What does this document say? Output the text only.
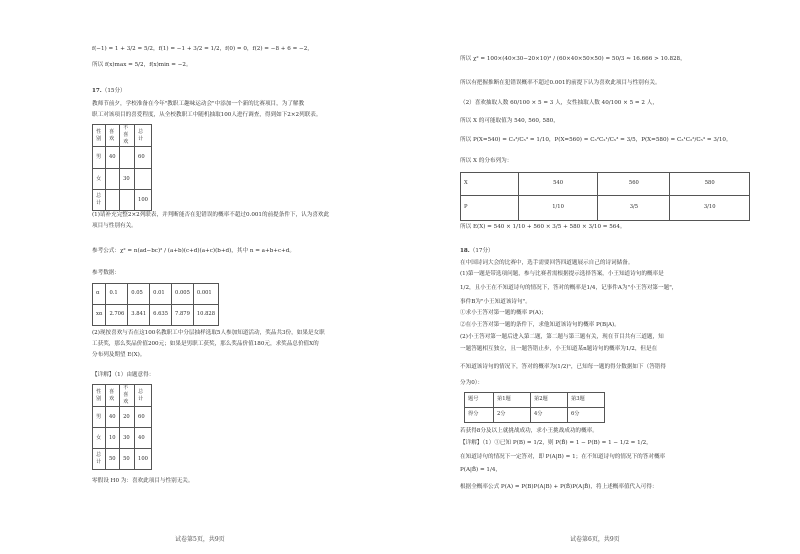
f(−1) = 1 + 3/2 = 5/2，f(1) = −1 + 3/2 = 1/2，f(0) = 0，f(2) = −8 + 6 = −2，
所以 f(x)max = 5/2，f(x)min = −2。
17.（15分）
教师节前夕，学校准备在今年"教职工趣味运动会"中添加一个新的比赛项目，为了解教
职工对该项目的喜爱程度，从全校教职工中随机抽取100人进行调查，得到如下2×2列联表。
性别	喜欢	不喜欢	总计
男	40		60
女		30	
总计			100
(1)请补充完整2×2列联表，并判断能否在犯错误的概率不超过0.001的前提条件下，认为喜欢此
项目与性别有关。
参考公式：χ² = n(ad−bc)² / (a+b)(c+d)(a+c)(b+d)，其中 n = a+b+c+d。
参考数据：
α	0.1	0.05	0.01	0.005	0.001
xα	2.706	3.841	6.635	7.879	10.828
(2)现按喜欢与否在这100名教职工中分层抽样选取5人参加知道活动，奖品共3份，如果是女职
工获奖，那么奖品价值200元；如果是男职工获奖，那么奖品价值180元，求奖品总价值X的
分布列及期望 E(X)。
【详解】（1）由题意得：
性别	喜欢	不喜欢	总计
男	40	20	60
女	10	30	40
总计	50	50	100
零假设 H0 为：喜欢此项目与性别无关。
试卷第5页，共9页
所以 χ² = 100×(40×30−20×10)² / (60×40×50×50) = 50/3 ≈ 16.666 > 10.828，
所以有把握推断在犯错误概率不超过0.001的前提下认为喜欢此项目与性别有关。
（2）喜欢抽取人数 60/100 × 5 = 3 人，女性抽取人数 40/100 × 5 = 2 人，
所以 X 的可能取值为 540, 560, 580，
所以 P(X=540) = C₃³/C₅³ = 1/10，P(X=560) = C₃²C₂¹/C₅³ = 3/5，P(X=580) = C₃¹C₂²/C₅³ = 3/10。
所以 X 的分布列为：
X	540	560	580
P	1/10	3/5	3/10
所以 E(X) = 540 × 1/10 + 560 × 3/5 + 580 × 3/10 = 564。
18.（17分）
在中国诗词大会的比赛中，选手需要回答四道题展示自己的诗词储备。
(1)第一题是带选项问题，参与比赛者需根据提示选择答案，小王知道诗句的概率是
1/2，且小王在不知道诗句的情况下，答对的概率是1/4，记事件A为"小王答对第一题"，
事件B为"小王知道该诗句"。
①求小王答对第一题的概率 P(A)；
②在小王答对第一题的条件下，求他知道该诗句的概率 P(B|A)。
(2)小王答对第一题后进入第二题，第二题与第三题有关，现在节目共有三道题，知
一题答题相互独立，且一题答错止步，小王知道某n题诗句的概率为1/2，但是在
不知道该诗句的情况下，答对的概率为(1/2)ⁿ，已知每一题的得分数据如下（答错得
分为0）：
题号	第1题	第2题	第3题
得分	2分	4分	6分
若获得8分及以上就挑战成功，求小王挑战成功的概率。
【详解】（1）①已知 P(B) = 1/2，则 P(B̄) = 1 − P(B) = 1 − 1/2 = 1/2，
在知道诗句的情况下一定答对，即 P(A|B) = 1；在不知道诗句的情况下的答对概率
P(A|B̄) = 1/4，
根据全概率公式 P(A) = P(B)P(A|B) + P(B̄)P(A|B̄)，将上述概率值代入可得：
试卷第6页，共9页
